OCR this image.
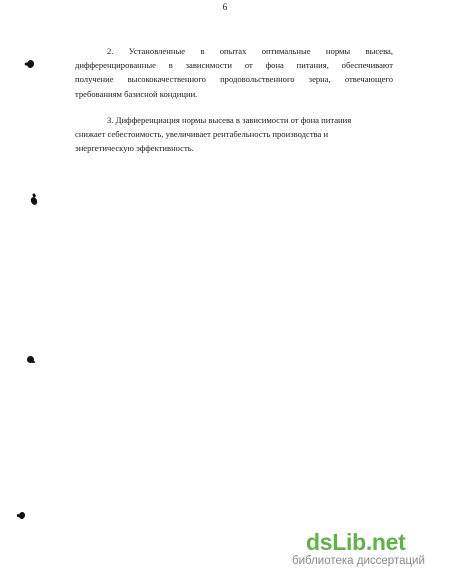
6
2. Установленные в опытах оптимальные нормы высева,
дифференцированные в зависимости от фона питания, обеспечивают
получение высококачественного продовольственного зерна, отвечающего
требованиям базисной кондиции.
3. Дифференциация нормы высева в зависимости от фона питания
снижает себестоимость, увеличивает рентабельность производства и
энергетическую эффективность.
dsLib.net
библиотека диссертаций
